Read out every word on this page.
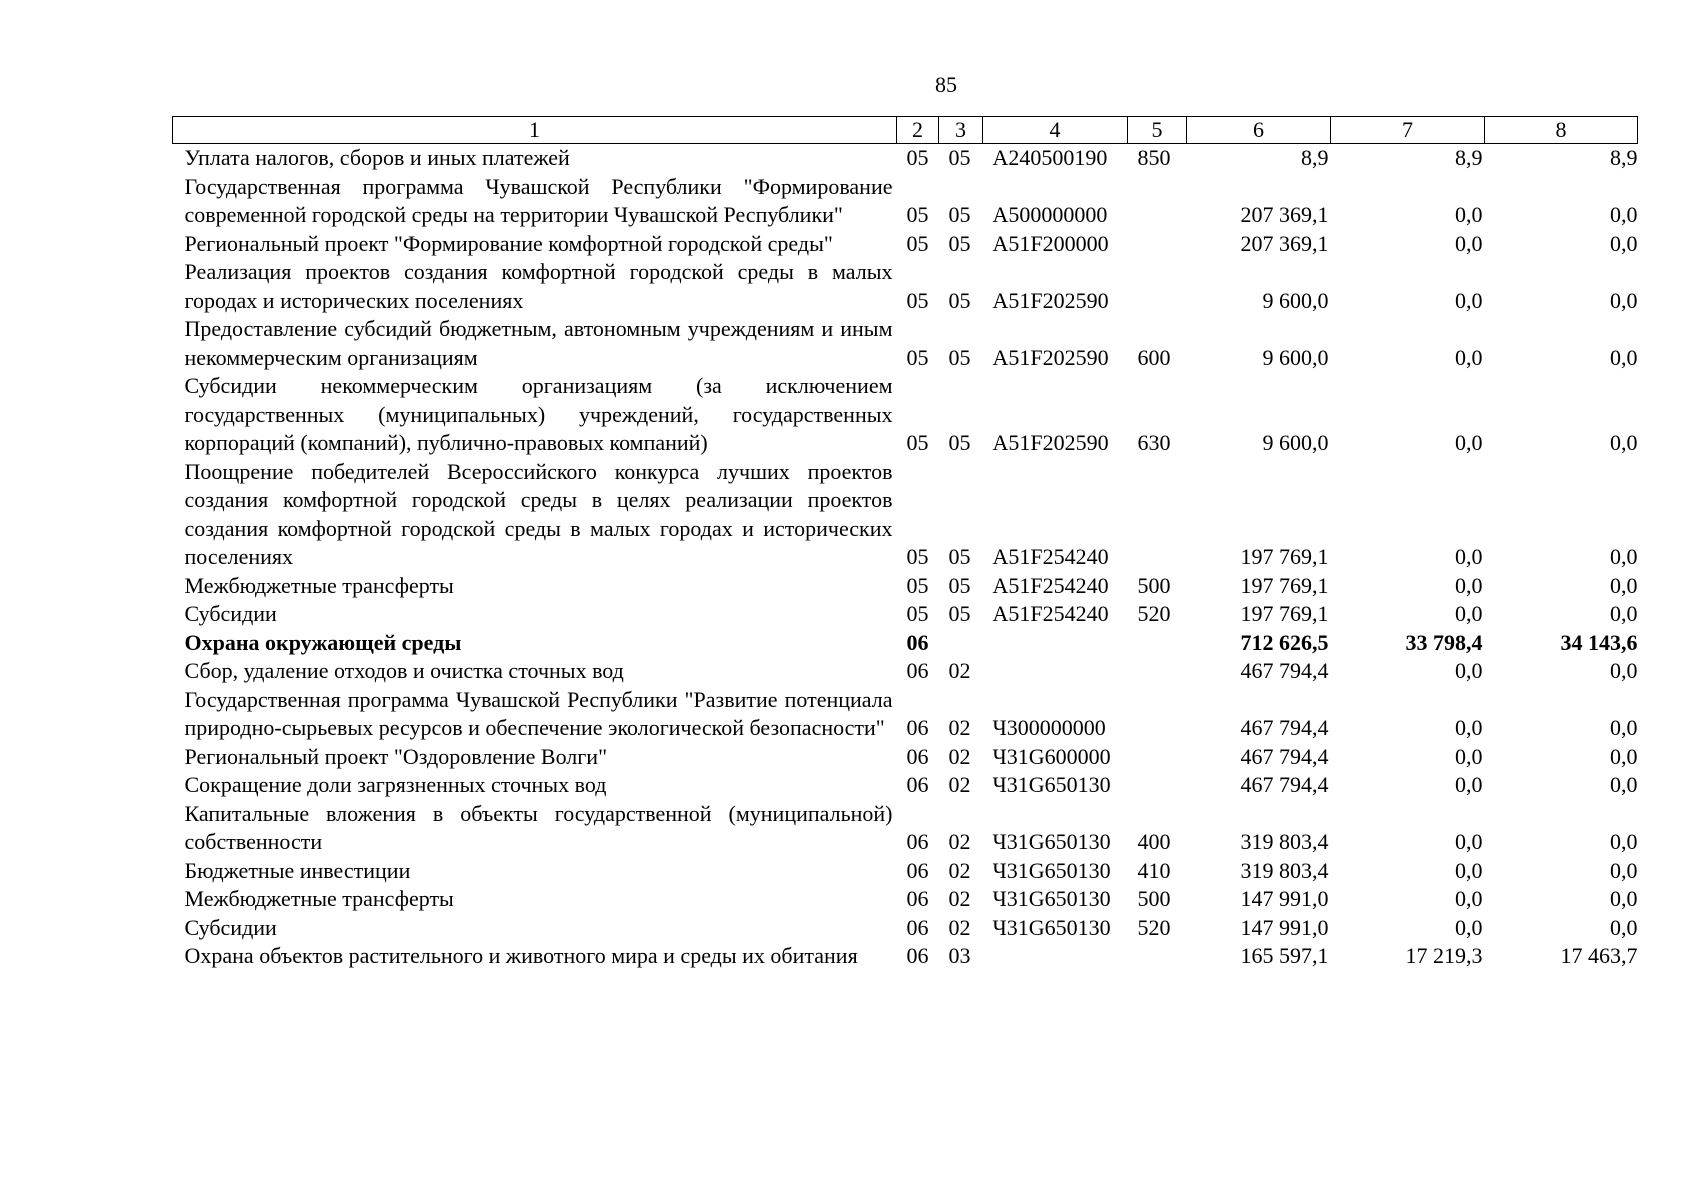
85
1	2	3	4	5	6	7	8
Уплата налогов, сборов и иных платежей	05	05	А240500190	850	8,9	8,9	8,9
Государственная программа Чувашской Республики "Формирование современной городской среды на территории Чувашской Республики"	05	05	А500000000		207 369,1	0,0	0,0
Региональный проект "Формирование комфортной городской среды"	05	05	А51F200000		207 369,1	0,0	0,0
Реализация проектов создания комфортной городской среды в малых городах и исторических поселениях	05	05	А51F202590		9 600,0	0,0	0,0
Предоставление субсидий бюджетным, автономным учреждениям и иным некоммерческим организациям	05	05	А51F202590	600	9 600,0	0,0	0,0
Субсидии некоммерческим организациям (за исключением государственных (муниципальных) учреждений, государственных корпораций (компаний), публично-правовых компаний)	05	05	А51F202590	630	9 600,0	0,0	0,0
Поощрение победителей Всероссийского конкурса лучших проектов создания комфортной городской среды в целях реализации проектов создания комфортной городской среды в малых городах и исторических поселениях	05	05	А51F254240		197 769,1	0,0	0,0
Межбюджетные трансферты	05	05	А51F254240	500	197 769,1	0,0	0,0
Субсидии	05	05	А51F254240	520	197 769,1	0,0	0,0
Охрана окружающей среды	06				712 626,5	33 798,4	34 143,6
Сбор, удаление отходов и очистка сточных вод	06	02			467 794,4	0,0	0,0
Государственная программа Чувашской Республики "Развитие потенциала природно-сырьевых ресурсов и обеспечение экологической безопасности"	06	02	Ч300000000		467 794,4	0,0	0,0
Региональный проект "Оздоровление Волги"	06	02	Ч31G600000		467 794,4	0,0	0,0
Сокращение доли загрязненных сточных вод	06	02	Ч31G650130		467 794,4	0,0	0,0
Капитальные вложения в объекты государственной (муниципальной) собственности	06	02	Ч31G650130	400	319 803,4	0,0	0,0
Бюджетные инвестиции	06	02	Ч31G650130	410	319 803,4	0,0	0,0
Межбюджетные трансферты	06	02	Ч31G650130	500	147 991,0	0,0	0,0
Субсидии	06	02	Ч31G650130	520	147 991,0	0,0	0,0
Охрана объектов растительного и животного мира и среды их обитания	06	03			165 597,1	17 219,3	17 463,7
